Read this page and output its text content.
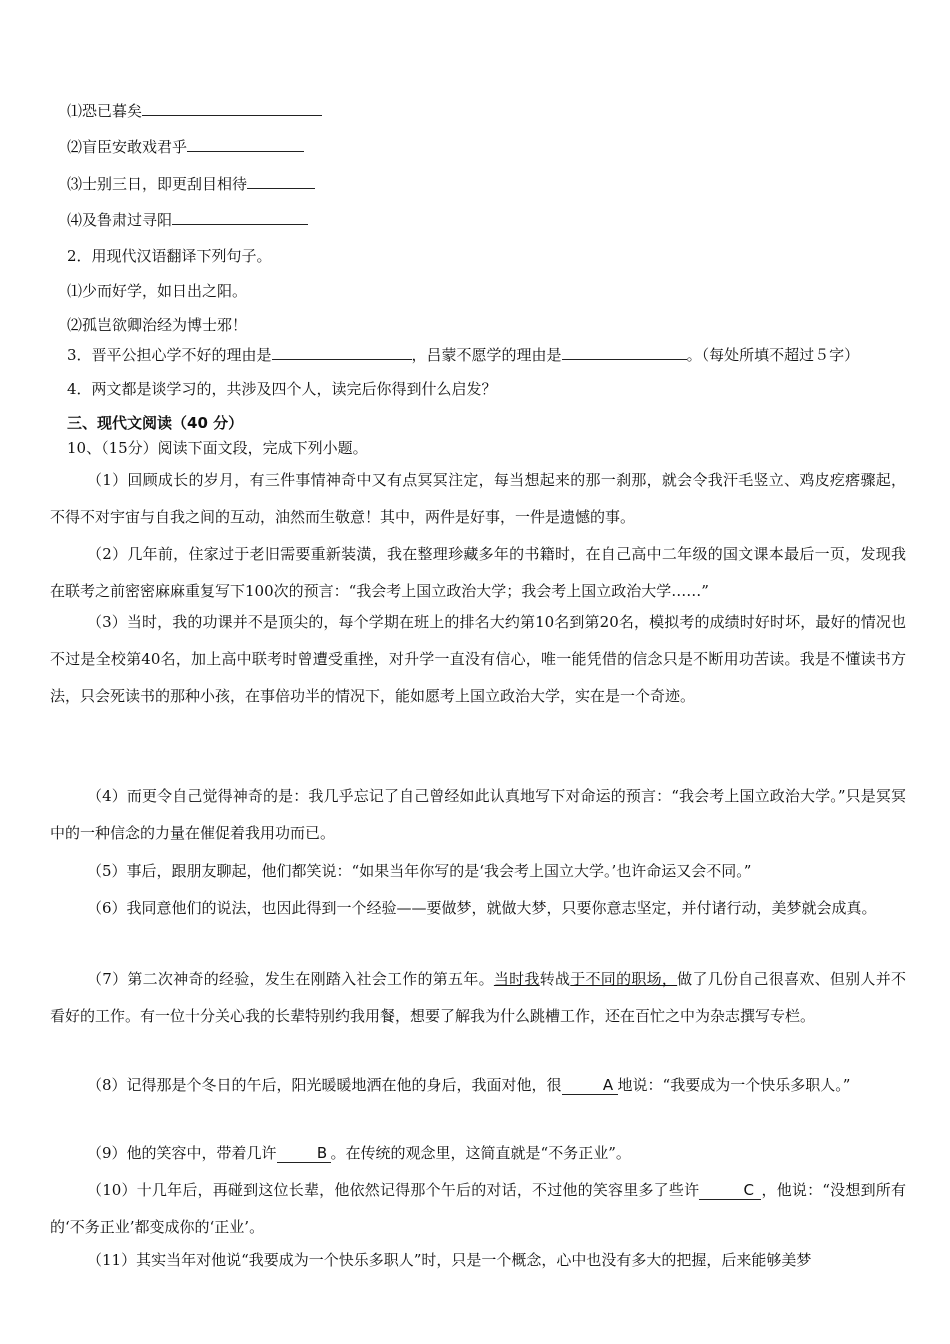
⑴恐已暮矣
⑵盲臣安敢戏君乎
⑶士别三日，即更刮目相待
⑷及鲁肃过寻阳
2．用现代汉语翻译下列句子。
⑴少而好学，如日出之阳。
⑵孤岂欲卿治经为博士邪！
3．晋平公担心学不好的理由是	，吕蒙不愿学的理由是	。（每处所填不超过５字）
4．两文都是谈学习的，共涉及四个人，读完后你得到什么启发？
三、现代文阅读（40 分）
10、（15分）阅读下面文段，完成下列小题。
（1）回顾成长的岁月，有三件事情神奇中又有点冥冥注定，每当想起来的那一刹那，就会令我汗毛竖立、鸡皮疙瘩骤起，不得不对宇宙与自我之间的互动，油然而生敬意！其中，两件是好事，一件是遗憾的事。
（2）几年前，住家过于老旧需要重新装潢，我在整理珍藏多年的书籍时，在自己高中二年级的国文课本最后一页，发现我在联考之前密密麻麻重复写下100次的预言：“我会考上国立政治大学；我会考上国立政治大学……”
（3）当时，我的功课并不是顶尖的，每个学期在班上的排名大约第10名到第20名，模拟考的成绩时好时坏，最好的情况也不过是全校第40名，加上高中联考时曾遭受重挫，对升学一直没有信心，唯一能凭借的信念只是不断用功苦读。我是不懂读书方法，只会死读书的那种小孩，在事倍功半的情况下，能如愿考上国立政治大学，实在是一个奇迹。
（4）而更令自己觉得神奇的是：我几乎忘记了自己曾经如此认真地写下对命运的预言：“我会考上国立政治大学。”只是冥冥中的一种信念的力量在催促着我用功而已。
（5）事后，跟朋友聊起，他们都笑说：“如果当年你写的是‘我会考上国立大学。’也许命运又会不同。”
（6）我同意他们的说法，也因此得到一个经验——要做梦，就做大梦，只要你意志坚定，并付诸行动，美梦就会成真。
（7）第二次神奇的经验，发生在刚踏入社会工作的第五年。当时我转战于不同的职场，做了几份自己很喜欢、但别人并不看好的工作。有一位十分关心我的长辈特别约我用餐，想要了解我为什么跳槽工作，还在百忙之中为杂志撰写专栏。
（8）记得那是个冬日的午后，阳光暖暖地洒在他的身后，我面对他，很	A 地说：“我要成为一个快乐多职人。”
（9）他的笑容中，带着几许	B 。在传统的观念里，这简直就是“不务正业”。
（10）十几年后，再碰到这位长辈，他依然记得那个午后的对话，不过他的笑容里多了些许	C ，他说：“没想到所有的‘不务正业’都变成你的‘正业’。
（11）其实当年对他说“我要成为一个快乐多职人”时，只是一个概念，心中也没有多大的把握，后来能够美梦
